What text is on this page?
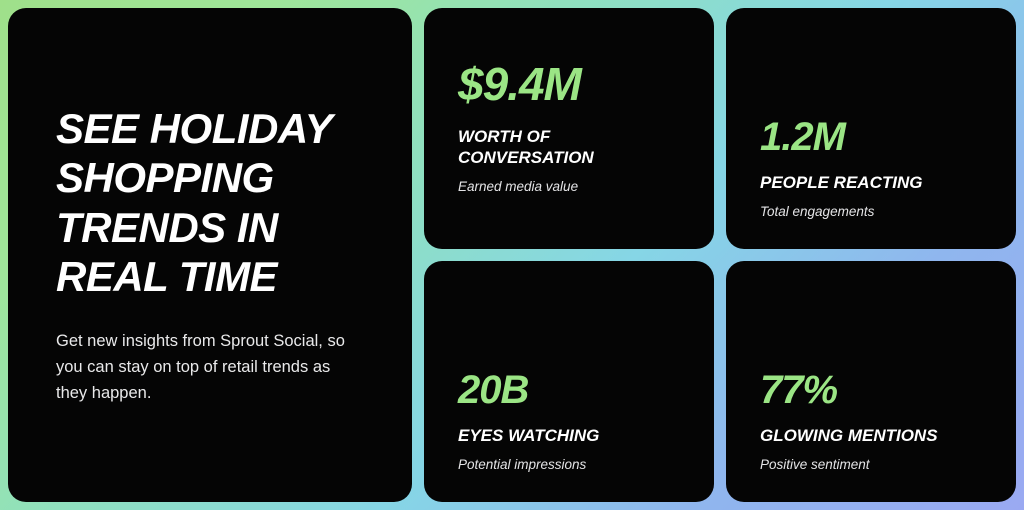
SEE HOLIDAY
SHOPPING
TRENDS IN
REAL TIME

Get new insights from Sprout Social, so you can stay on top of retail trends as they happen.

$9.4M
WORTH OF
CONVERSATION
Earned media value
1.2M
PEOPLE REACTING
Total engagements
20B
EYES WATCHING
Potential impressions
77%
GLOWING MENTIONS
Positive sentiment
